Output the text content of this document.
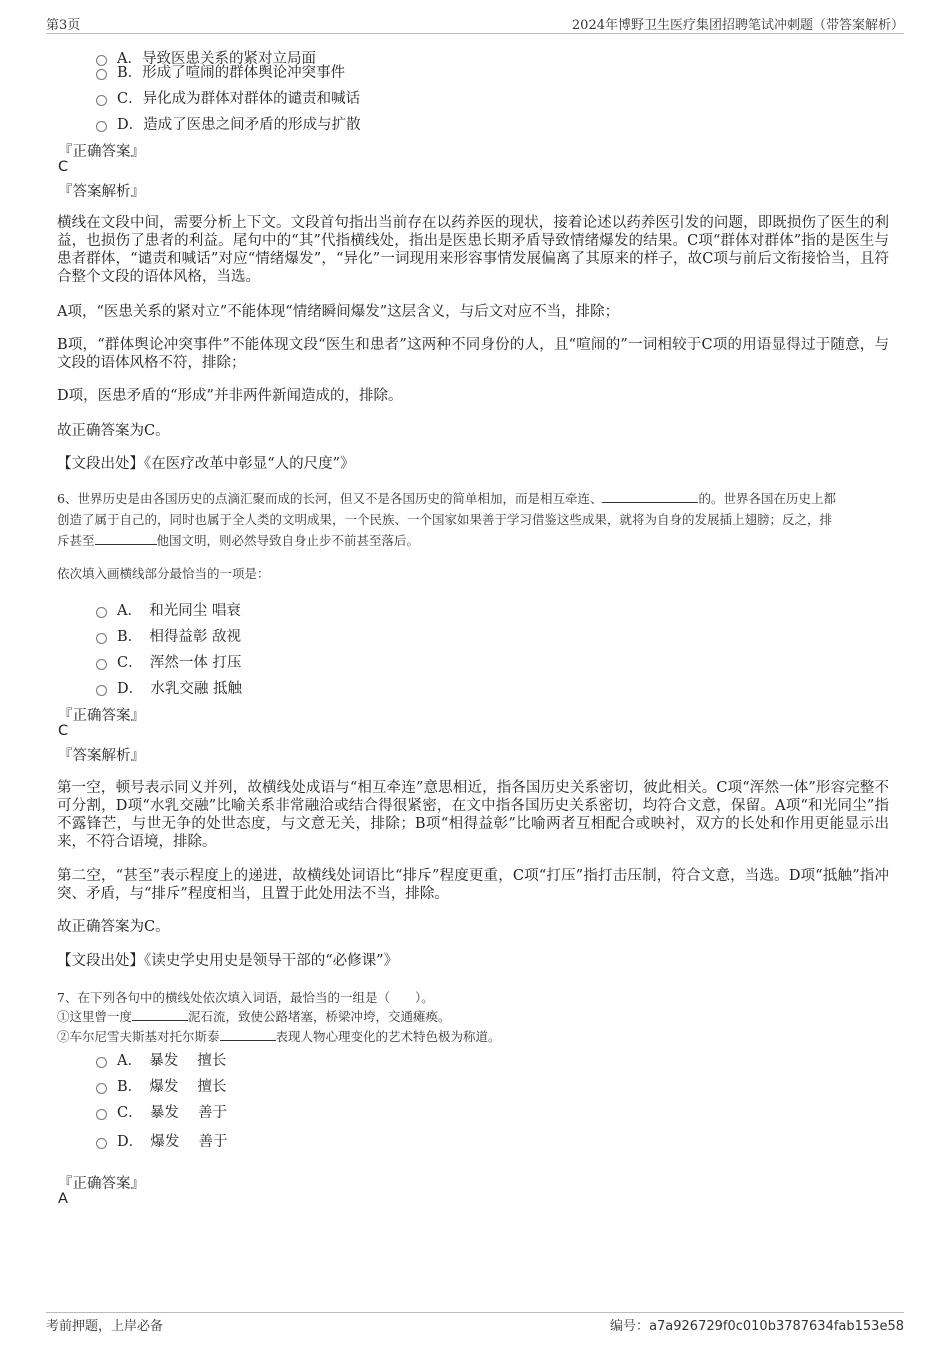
第3页	2024年博野卫生医疗集团招聘笔试冲刺题（带答案解析）
A．导致医患关系的紧对立局面
B．形成了喧闹的群体舆论冲突事件
C．异化成为群体对群体的谴责和喊话
D．造成了医患之间矛盾的形成与扩散
『正确答案』
C
『答案解析』
横线在文段中间，需要分析上下文。文段首句指出当前存在以药养医的现状，接着论述以药养医引发的问题，即既损伤了医生的利益，也损伤了患者的利益。尾句中的“其”代指横线处，指出是医患长期矛盾导致情绪爆发的结果。C项“群体对群体”指的是医生与患者群体，“谴责和喊话”对应“情绪爆发”，“异化”一词现用来形容事情发展偏离了其原来的样子，故C项与前后文衔接恰当，且符合整个文段的语体风格，当选。
A项，“医患关系的紧对立”不能体现“情绪瞬间爆发”这层含义，与后文对应不当，排除；
B项，“群体舆论冲突事件”不能体现文段“医生和患者”这两种不同身份的人，且“喧闹的”一词相较于C项的用语显得过于随意，与文段的语体风格不符，排除；
D项，医患矛盾的“形成”并非两件新闻造成的，排除。
故正确答案为C。
【文段出处】《在医疗改革中彰显“人的尺度”》
6、世界历史是由各国历史的点滴汇聚而成的长河，但又不是各国历史的简单相加，而是相互牵连、	的。世界各国在历史上都
创造了属于自己的，同时也属于全人类的文明成果，一个民族、一个国家如果善于学习借鉴这些成果，就将为自身的发展插上翅膀；反之，排
斥甚至	他国文明，则必然导致自身止步不前甚至落后。
依次填入画横线部分最恰当的一项是：
A．　和光同尘 唱衰
B．　相得益彰 敌视
C．　浑然一体 打压
D．　水乳交融 抵触
『正确答案』
C
『答案解析』
第一空，顿号表示同义并列，故横线处成语与“相互牵连”意思相近，指各国历史关系密切，彼此相关。C项“浑然一体”形容完整不可分割，D项“水乳交融”比喻关系非常融洽或结合得很紧密，在文中指各国历史关系密切，均符合文意，保留。A项“和光同尘”指不露锋芒，与世无争的处世态度，与文意无关，排除；B项“相得益彰”比喻两者互相配合或映衬，双方的长处和作用更能显示出来，不符合语境，排除。
第二空，“甚至”表示程度上的递进，故横线处词语比“排斥”程度更重，C项“打压”指打击压制，符合文意，当选。D项“抵触”指冲突、矛盾，与“排斥”程度相当，且置于此处用法不当，排除。
故正确答案为C。
【文段出处】《读史学史用史是领导干部的“必修课”》
7、在下列各句中的横线处依次填入词语，最恰当的一组是（　　）。
①这里曾一度	泥石流，致使公路堵塞，桥梁冲垮，交通瘫痪。
②车尔尼雪夫斯基对托尔斯泰	表现人物心理变化的艺术特色极为称道。
A．　暴发　 擅长
B．　爆发　 擅长
C．　暴发　 善于
D．　爆发　 善于
『正确答案』
A
考前押题，上岸必备	编号：a7a926729f0c010b3787634fab153e58
